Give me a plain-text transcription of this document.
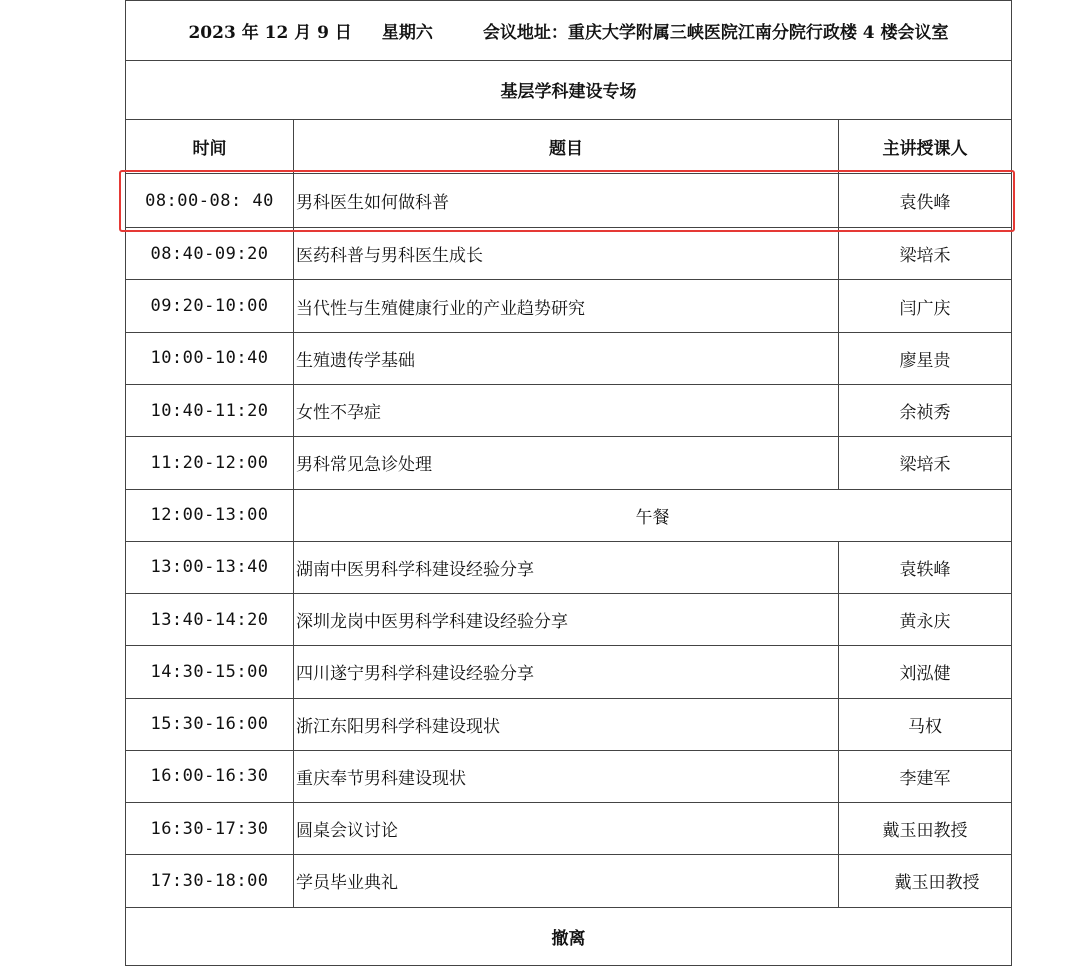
2023 年 12 月 9 日 星期六 会议地址：重庆大学附属三峡医院江南分院行政楼 4 楼会议室		
基层学科建设专场		
时间	题目	主讲授课人
08:00-08: 40	男科医生如何做科普	袁佚峰
08:40-09:20	医药科普与男科医生成长	梁培禾
09:20-10:00	当代性与生殖健康行业的产业趋势研究	闫广庆
10:00-10:40	生殖遗传学基础	廖星贵
10:40-11:20	女性不孕症	余祯秀
11:20-12:00	男科常见急诊处理	梁培禾
12:00-13:00	午餐	
13:00-13:40	湖南中医男科学科建设经验分享	袁轶峰
13:40-14:20	深圳龙岗中医男科学科建设经验分享	黄永庆
14:30-15:00	四川遂宁男科学科建设经验分享	刘泓健
15:30-16:00	浙江东阳男科学科建设现状	马权
16:00-16:30	重庆奉节男科建设现状	李建军
16:30-17:30	圆桌会议讨论	戴玉田教授
17:30-18:00	学员毕业典礼	戴玉田教授
撤离		
